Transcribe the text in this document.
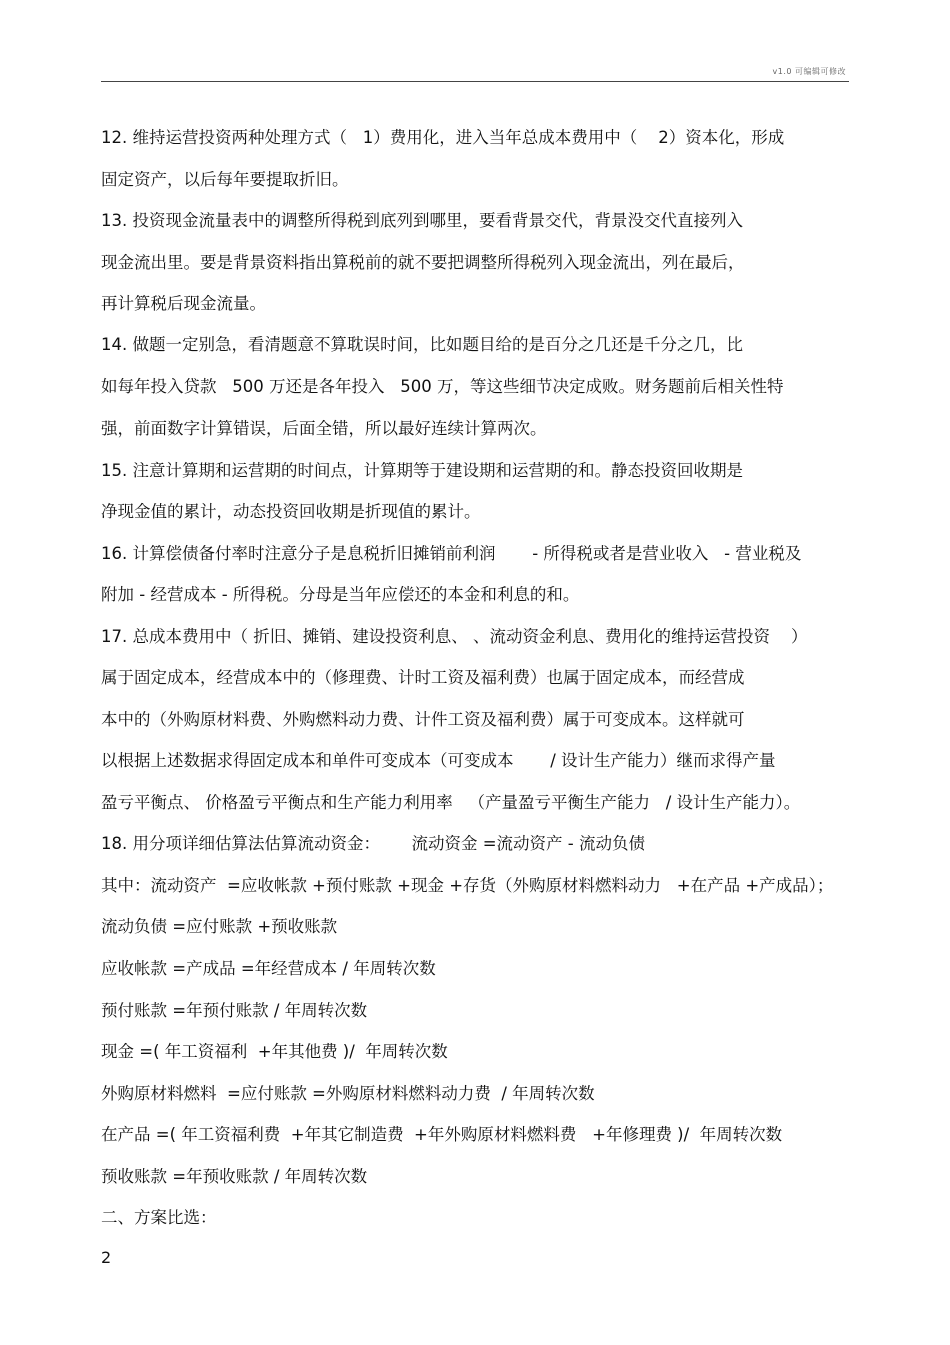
v1.0 可编辑可修改
12. 维持运营投资两种处理方式（   1）费用化，进入当年总成本费用中（    2）资本化，形成
固定资产，以后每年要提取折旧。
13. 投资现金流量表中的调整所得税到底列到哪里，要看背景交代，背景没交代直接列入
现金流出里。要是背景资料指出算税前的就不要把调整所得税列入现金流出，列在最后，
再计算税后现金流量。
14. 做题一定别急，看清题意不算耽误时间，比如题目给的是百分之几还是千分之几，比
如每年投入贷款   500 万还是各年投入   500 万，等这些细节决定成败。财务题前后相关性特
强，前面数字计算错误，后面全错，所以最好连续计算两次。
15. 注意计算期和运营期的时间点，计算期等于建设期和运营期的和。静态投资回收期是
净现金值的累计，动态投资回收期是折现值的累计。
16. 计算偿债备付率时注意分子是息税折旧摊销前利润       - 所得税或者是营业收入   - 营业税及
附加 - 经营成本 - 所得税。分母是当年应偿还的本金和利息的和。
17. 总成本费用中（ 折旧、摊销、建设投资利息、 、流动资金利息、费用化的维持运营投资    ）
属于固定成本，经营成本中的（修理费、计时工资及福利费）也属于固定成本，而经营成
本中的（外购原材料费、外购燃料动力费、计件工资及福利费）属于可变成本。这样就可
以根据上述数据求得固定成本和单件可变成本（可变成本       / 设计生产能力）继而求得产量
盈亏平衡点、 价格盈亏平衡点和生产能力利用率   （产量盈亏平衡生产能力   / 设计生产能力）。
18. 用分项详细估算法估算流动资金：      流动资金 =流动资产 - 流动负债
其中：流动资产  =应收帐款 +预付账款 +现金 +存货（外购原材料燃料动力   +在产品 +产成品）；
流动负债 =应付账款 +预收账款
应收帐款 =产成品 =年经营成本 / 年周转次数
预付账款 =年预付账款 / 年周转次数
现金 =( 年工资福利  +年其他费 )/  年周转次数
外购原材料燃料  =应付账款 =外购原材料燃料动力费  / 年周转次数
在产品 =( 年工资福利费  +年其它制造费  +年外购原材料燃料费   +年修理费 )/  年周转次数
预收账款 =年预收账款 / 年周转次数
二、方案比选：
2
